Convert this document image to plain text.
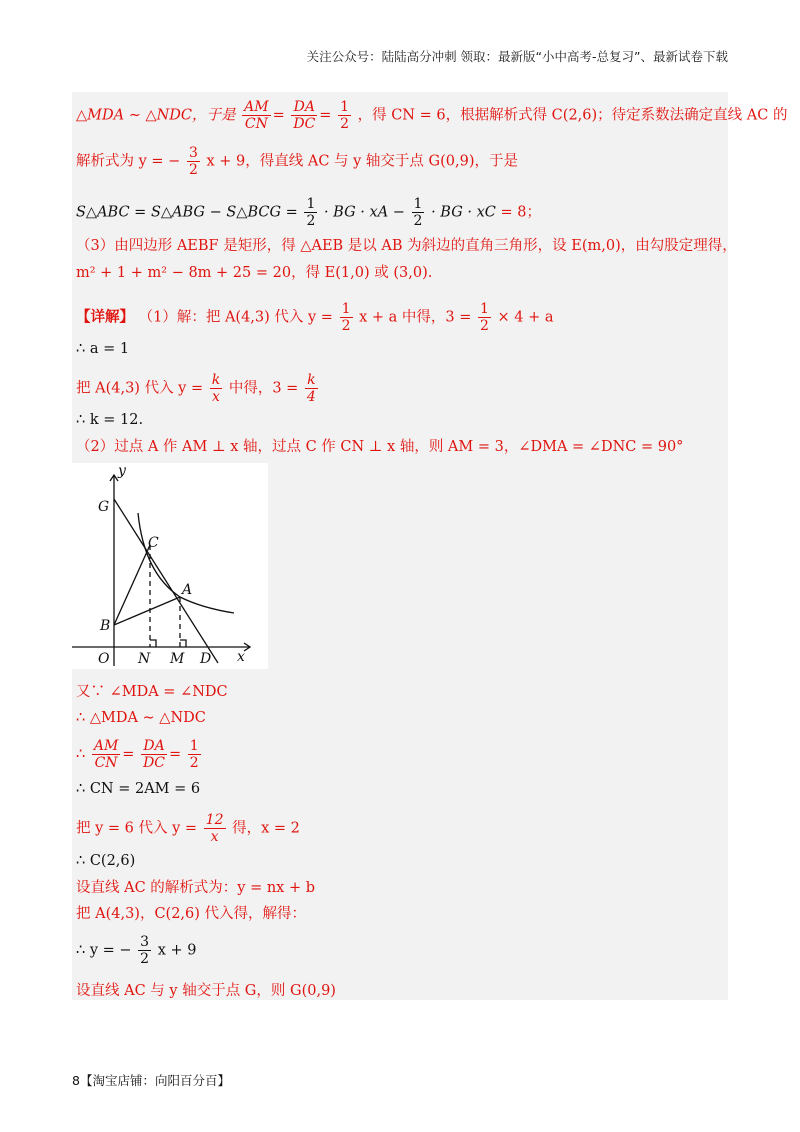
关注公众号：陆陆高分冲刺 领取：最新版“小中高考-总复习”、最新试卷下载
△MDA ∼ △NDC，于是 $\frac{AM}{CN} = \frac{DA}{DC} = \frac{1}{2}$ ，得 CN = 6，根据解析式得 C(2,6)；待定系数法确定直线 AC 的
解析式为 y = − $\frac{3}{2}$ x + 9，得直线 AC 与 y 轴交于点 G(0,9)，于是
S△ABC = S△ABG − S△BCG = $\frac{1}{2}$ · BG · xA − $\frac{1}{2}$ · BG · xC = 8；
（3）由四边形 AEBF 是矩形，得 △AEB 是以 AB 为斜边的直角三角形，设 E(m,0)，由勾股定理得，
m² + 1 + m² − 8m + 25 = 20，得 E(1,0) 或 (3,0).
【详解】 （1）解：把 A(4,3) 代入 $y = \frac{1}{2}$ x + a 中得，$3 = \frac{1}{2} \times 4 + a$
∴ a = 1
把 A(4,3) 代入 $y = \frac{k}{x}$ 中得，$3 = \frac{k}{4}$
∴ k = 12.
（2）过点 A 作 AM ⊥ x 轴，过点 C 作 CN ⊥ x 轴，则 AM = 3，∠DMA = ∠DNC = 90°
y
G
C
A
B
O N M D x
又∵ ∠MDA = ∠NDC
∴ △MDA ∼ △NDC
∴ $\frac{AM}{CN} = \frac{DA}{DC} = \frac{1}{2}$
∴ CN = 2AM = 6
把 y = 6 代入 $y = \frac{12}{x}$ 得，x = 2
∴ C(2,6)
设直线 AC 的解析式为：y = nx + b
把 A(4,3)，C(2,6) 代入得，解得：
∴ y = − $\frac{3}{2}$ x + 9
设直线 AC 与 y 轴交于点 G，则 G(0,9)
8【淘宝店铺：向阳百分百】
